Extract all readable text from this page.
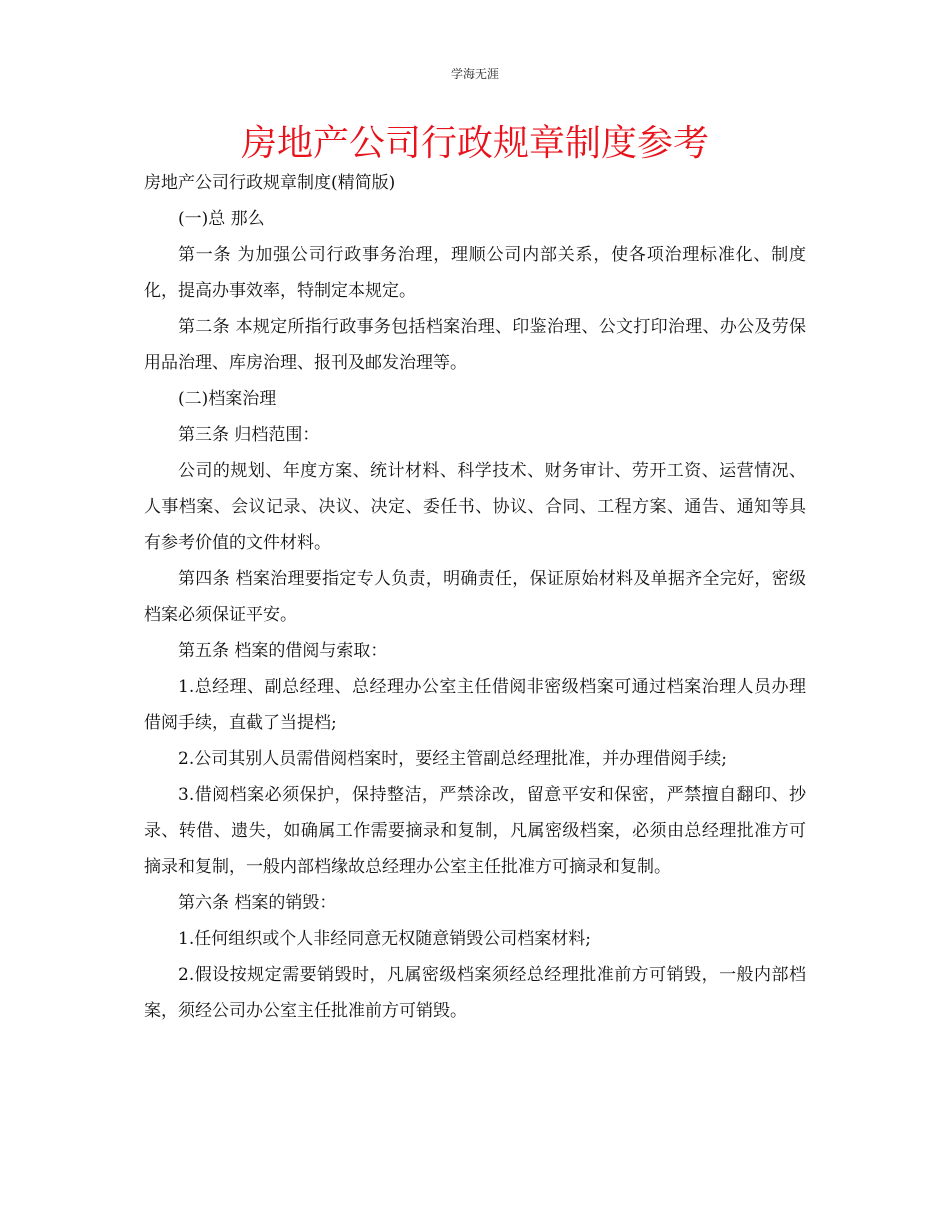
学海无涯
房地产公司行政规章制度参考

房地产公司行政规章制度(精简版)

(一)总 那么

第一条 为加强公司行政事务治理，理顺公司内部关系，使各项治理标准化、制度化，提高办事效率，特制定本规定。

第二条 本规定所指行政事务包括档案治理、印鉴治理、公文打印治理、办公及劳保用品治理、库房治理、报刊及邮发治理等。

(二)档案治理

第三条 归档范围：

公司的规划、年度方案、统计材料、科学技术、财务审计、劳开工资、运营情况、人事档案、会议记录、决议、决定、委任书、协议、合同、工程方案、通告、通知等具有参考价值的文件材料。

第四条 档案治理要指定专人负责，明确责任，保证原始材料及单据齐全完好，密级档案必须保证平安。

第五条 档案的借阅与索取：

1.总经理、副总经理、总经理办公室主任借阅非密级档案可通过档案治理人员办理借阅手续，直截了当提档;

2.公司其别人员需借阅档案时，要经主管副总经理批准，并办理借阅手续;

3.借阅档案必须保护，保持整洁，严禁涂改，留意平安和保密，严禁擅自翻印、抄录、转借、遗失，如确属工作需要摘录和复制，凡属密级档案，必须由总经理批准方可摘录和复制，一般内部档缘故总经理办公室主任批准方可摘录和复制。

第六条 档案的销毁：

1.任何组织或个人非经同意无权随意销毁公司档案材料;

2.假设按规定需要销毁时，凡属密级档案须经总经理批准前方可销毁，一般内部档案，须经公司办公室主任批准前方可销毁。
